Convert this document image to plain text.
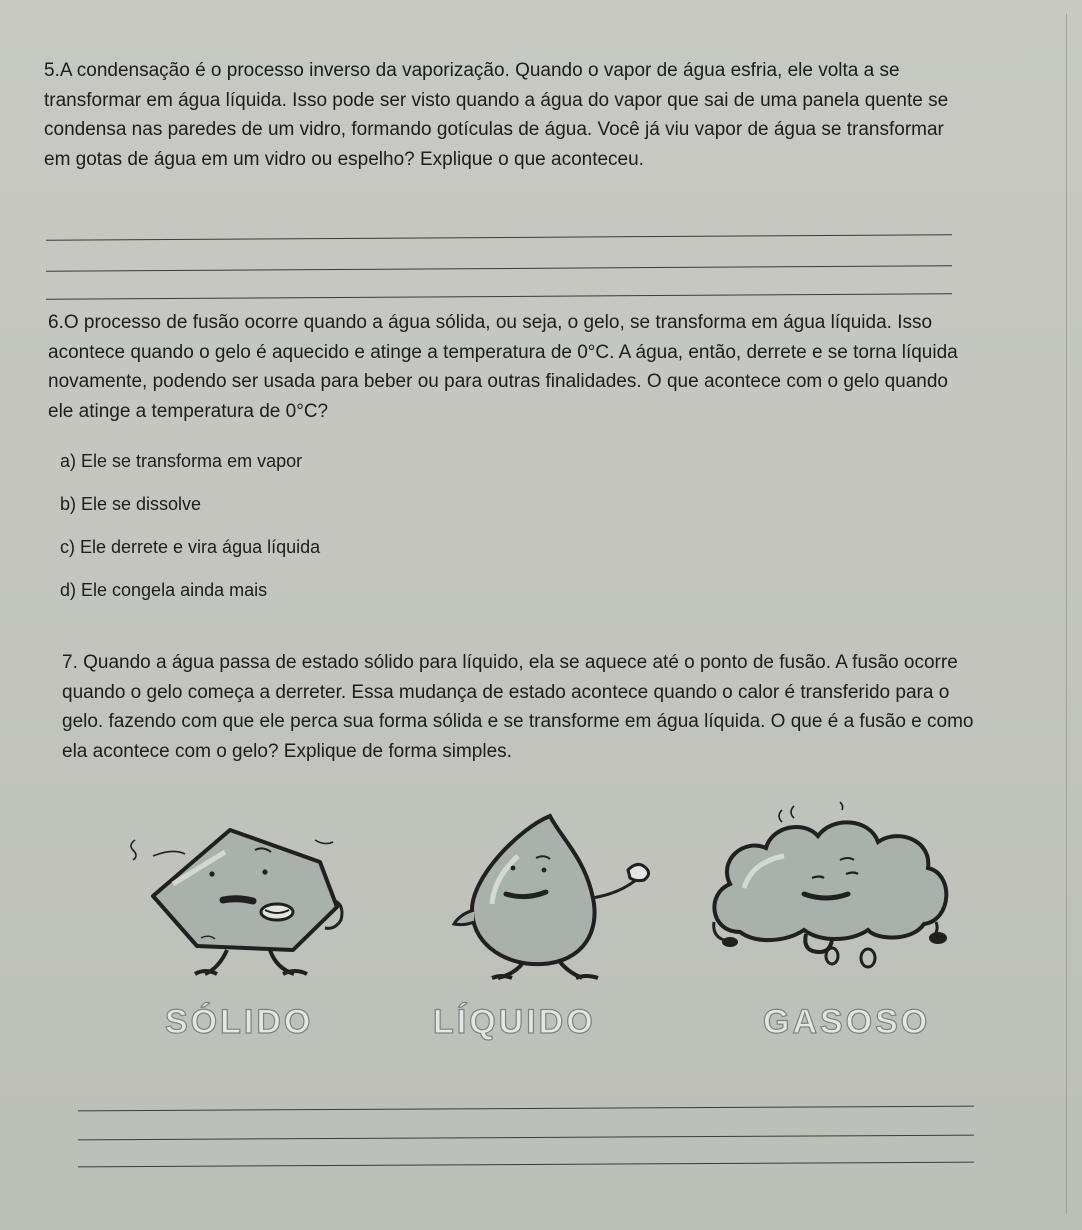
5.A condensação é o processo inverso da vaporização. Quando o vapor de água esfria, ele volta a se transformar em água líquida. Isso pode ser visto quando a água do vapor que sai de uma panela quente se condensa nas paredes de um vidro, formando gotículas de água. Você já viu vapor de água se transformar em gotas de água em um vidro ou espelho? Explique o que aconteceu.
6.O processo de fusão ocorre quando a água sólida, ou seja, o gelo, se transforma em água líquida. Isso acontece quando o gelo é aquecido e atinge a temperatura de 0°C. A água, então, derrete e se torna líquida novamente, podendo ser usada para beber ou para outras finalidades. O que acontece com o gelo quando ele atinge a temperatura de 0°C?
a) Ele se transforma em vapor
b) Ele se dissolve
c) Ele derrete e vira água líquida
d) Ele congela ainda mais
7. Quando a água passa de estado sólido para líquido, ela se aquece até o ponto de fusão. A fusão ocorre quando o gelo começa a derreter. Essa mudança de estado acontece quando o calor é transferido para o gelo. fazendo com que ele perca sua forma sólida e se transforme em água líquida. O que é a fusão e como ela acontece com o gelo? Explique de forma simples.
SÓLIDO	LÍQUIDO	GASOSO
